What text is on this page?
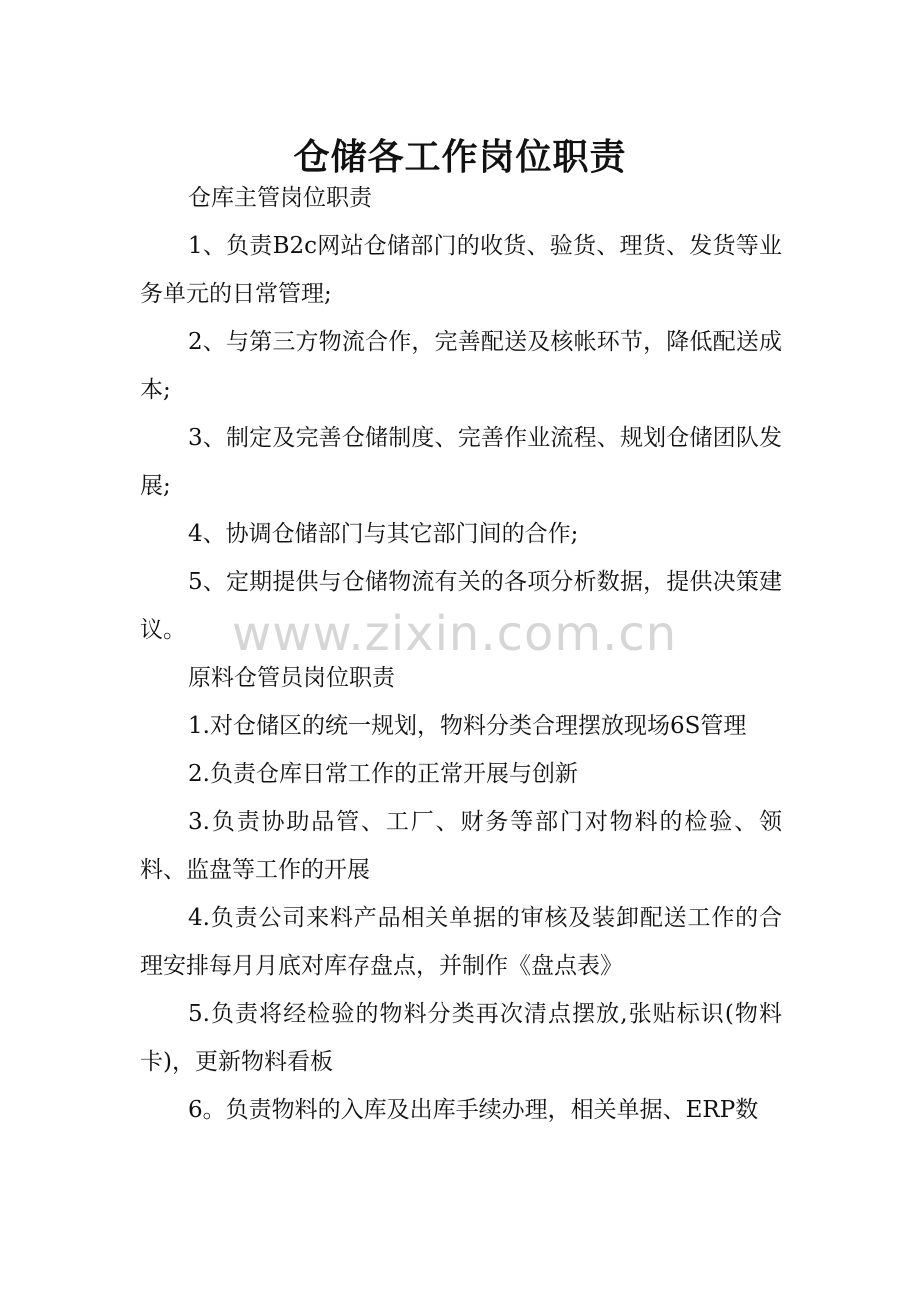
仓储各工作岗位职责

仓库主管岗位职责

1、负责B2c网站仓储部门的收货、验货、理货、发货等业务单元的日常管理;

2、与第三方物流合作，完善配送及核帐环节，降低配送成本;

3、制定及完善仓储制度、完善作业流程、规划仓储团队发展;

4、协调仓储部门与其它部门间的合作;

5、定期提供与仓储物流有关的各项分析数据，提供决策建议。

原料仓管员岗位职责

1.对仓储区的统一规划，物料分类合理摆放现场6S管理

2.负责仓库日常工作的正常开展与创新

3.负责协助品管、工厂、财务等部门对物料的检验、领料、监盘等工作的开展

4.负责公司来料产品相关单据的审核及装卸配送工作的合理安排每月月底对库存盘点，并制作《盘点表》

5.负责将经检验的物料分类再次清点摆放,张贴标识(物料卡)，更新物料看板

6。负责物料的入库及出库手续办理，相关单据、ERP数

www.zixin.com.cn
